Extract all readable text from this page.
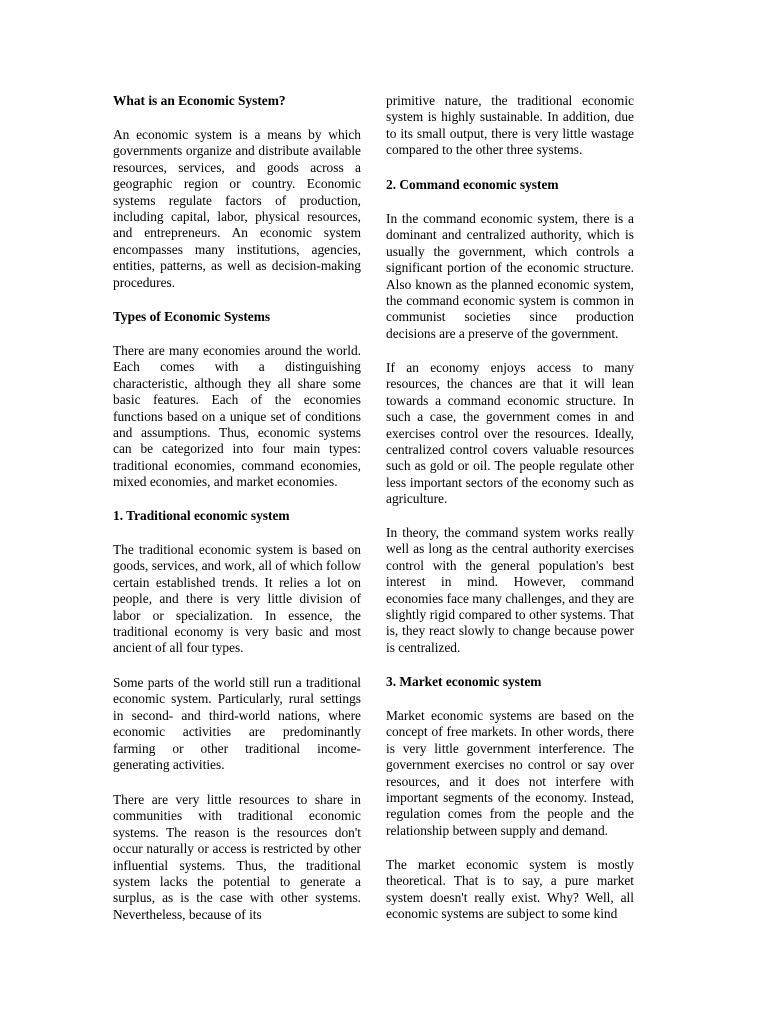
What is an Economic System?

An economic system is a means by which governments organize and distribute available resources, services, and goods across a geographic region or country. Economic systems regulate factors of production, including capital, labor, physical resources, and entrepreneurs. An economic system encompasses many institutions, agencies, entities, patterns, as well as decision-making procedures.

Types of Economic Systems

There are many economies around the world. Each comes with a distinguishing characteristic, although they all share some basic features. Each of the economies functions based on a unique set of conditions and assumptions. Thus, economic systems can be categorized into four main types: traditional economies, command economies, mixed economies, and market economies.

1. Traditional economic system

The traditional economic system is based on goods, services, and work, all of which follow certain established trends. It relies a lot on people, and there is very little division of labor or specialization. In essence, the traditional economy is very basic and most ancient of all four types.

Some parts of the world still run a traditional economic system. Particularly, rural settings in second- and third-world nations, where economic activities are predominantly farming or other traditional income-generating activities.

There are very little resources to share in communities with traditional economic systems. The reason is the resources don't occur naturally or access is restricted by other influential systems. Thus, the traditional system lacks the potential to generate a surplus, as is the case with other systems. Nevertheless, because of its

primitive nature, the traditional economic system is highly sustainable. In addition, due to its small output, there is very little wastage compared to the other three systems.

2. Command economic system

In the command economic system, there is a dominant and centralized authority, which is usually the government, which controls a significant portion of the economic structure. Also known as the planned economic system, the command economic system is common in communist societies since production decisions are a preserve of the government.

If an economy enjoys access to many resources, the chances are that it will lean towards a command economic structure. In such a case, the government comes in and exercises control over the resources. Ideally, centralized control covers valuable resources such as gold or oil. The people regulate other less important sectors of the economy such as agriculture.

In theory, the command system works really well as long as the central authority exercises control with the general population's best interest in mind. However, command economies face many challenges, and they are slightly rigid compared to other systems. That is, they react slowly to change because power is centralized.

3. Market economic system

Market economic systems are based on the concept of free markets. In other words, there is very little government interference. The government exercises no control or say over resources, and it does not interfere with important segments of the economy. Instead, regulation comes from the people and the relationship between supply and demand.

The market economic system is mostly theoretical. That is to say, a pure market system doesn't really exist. Why? Well, all economic systems are subject to some kind
